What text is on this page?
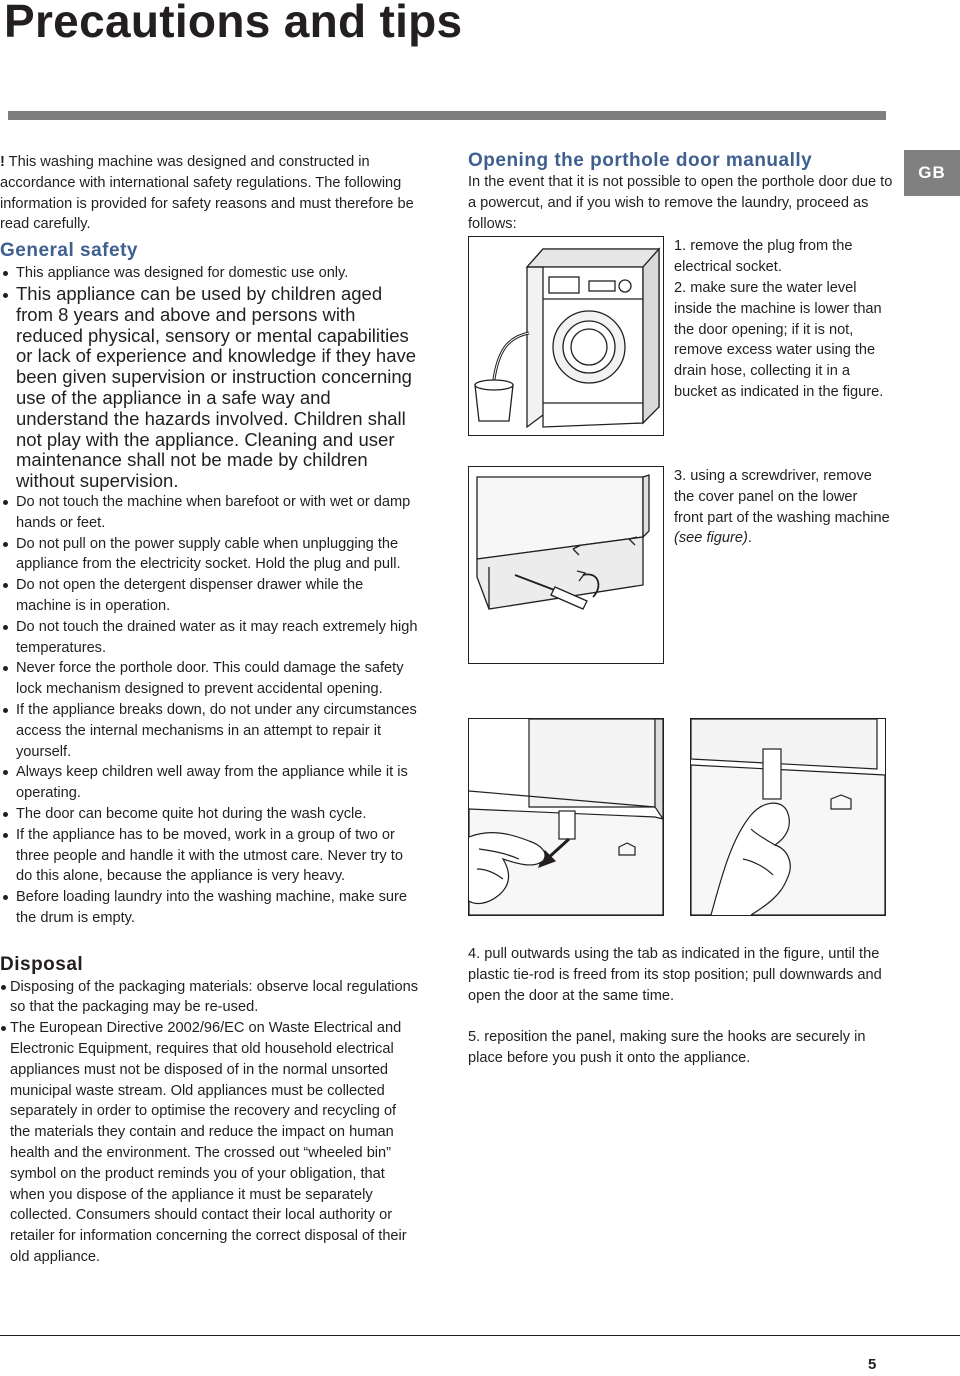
Precautions and tips
GB

! This washing machine was designed and constructed in accordance with international safety regulations. The following information is provided for safety reasons and must therefore be read carefully.

General safety
This appliance was designed for domestic use only.
This appliance can be used by children aged from 8 years and above and persons with reduced physical, sensory or mental capabilities or lack of experience and knowledge if they have been given supervision or instruction concerning use of the appliance in a safe way and understand the hazards involved. Children shall not play with the appliance. Cleaning and user maintenance shall not be made by children without supervision.
Do not touch the machine when barefoot or with wet or damp hands or feet.
Do not pull on the power supply cable when unplugging the appliance from the electricity socket. Hold the plug and pull.
Do not open the detergent dispenser drawer while the machine is in operation.
Do not touch the drained water as it may reach extremely high temperatures.
Never force the porthole door. This could damage the safety lock mechanism designed to prevent accidental opening.
If the appliance breaks down, do not under any circumstances access the internal mechanisms in an attempt to repair it yourself.
Always keep children well away from the appliance while it is operating.
The door can become quite hot during the wash cycle.
If the appliance has to be moved, work in a group of two or three people and handle it with the utmost care. Never try to do this alone, because the appliance is very heavy.
Before loading laundry into the washing machine, make sure the drum is empty.
Disposal
Disposing of the packaging materials: observe local regulations so that the packaging may be re-used.
The European Directive 2002/96/EC on Waste Electrical and Electronic Equipment, requires that old household electrical appliances must not be disposed of in the normal unsorted municipal waste stream. Old appliances must be collected separately in order to optimise the recovery and recycling of the materials they contain and reduce the impact on human health and the environment. The crossed out “wheeled bin” symbol on the product reminds you of your obligation, that when you dispose of the appliance it must be separately collected. Consumers should contact their local authority or retailer for information concerning the correct disposal of their old appliance.
Opening the porthole door manually

In the event that it is not possible to open the porthole door due to a powercut, and if you wish to remove the laundry, proceed as follows:

1. remove the plug from the electrical socket.

2. make sure the water level inside the machine is lower than the door opening; if it is not, remove excess water using the drain hose, collecting it in a bucket as indicated in the figure.

3. using a screwdriver, remove the cover panel on the lower front part of the washing machine (see figure).

4. pull outwards using the tab as indicated in the figure, until the plastic tie-rod is freed from its stop position; pull downwards and open the door at the same time.

5. reposition the panel, making sure the hooks are securely in place before you push it onto the appliance.

5
